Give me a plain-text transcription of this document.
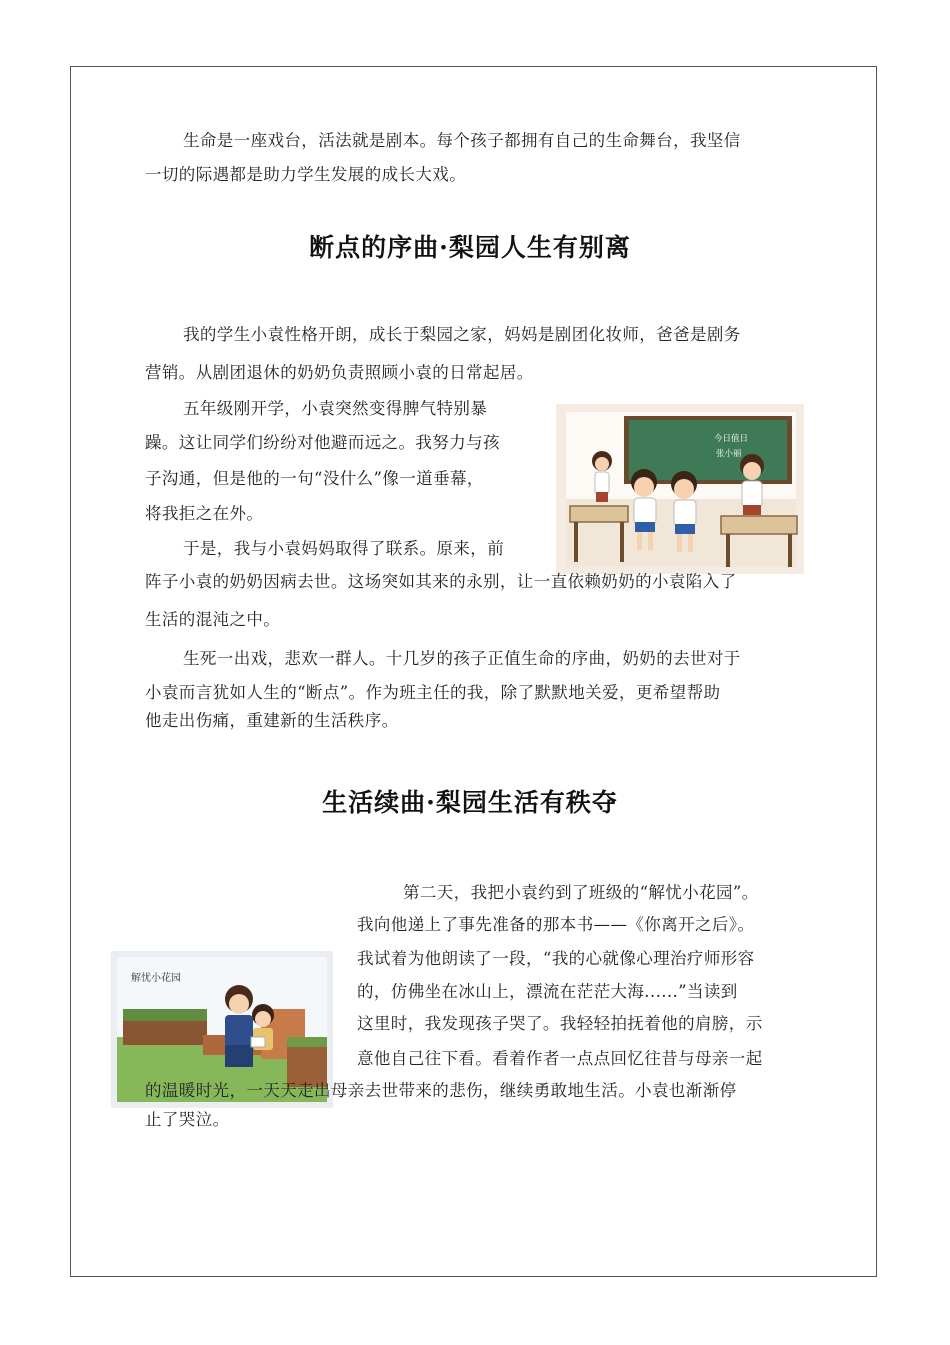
生命是一座戏台，活法就是剧本。每个孩子都拥有自己的生命舞台，我坚信

一切的际遇都是助力学生发展的成长大戏。

断点的序曲·梨园人生有别离

我的学生小袁性格开朗，成长于梨园之家，妈妈是剧团化妆师，爸爸是剧务

营销。从剧团退休的奶奶负责照顾小袁的日常起居。

五年级刚开学，小袁突然变得脾气特别暴

躁。这让同学们纷纷对他避而远之。我努力与孩

子沟通，但是他的一句“没什么”像一道垂幕，

将我拒之在外。

今日值日
张小丽

于是，我与小袁妈妈取得了联系。原来，前

阵子小袁的奶奶因病去世。这场突如其来的永别，让一直依赖奶奶的小袁陷入了

生活的混沌之中。

生死一出戏，悲欢一群人。十几岁的孩子正值生命的序曲，奶奶的去世对于

小袁而言犹如人生的“断点”。作为班主任的我，除了默默地关爱，更希望帮助

他走出伤痛，重建新的生活秩序。

生活续曲·梨园生活有秩夺

第二天，我把小袁约到了班级的“解忧小花园”。

我向他递上了事先准备的那本书——《你离开之后》。

我试着为他朗读了一段，“我的心就像心理治疗师形容

的，仿佛坐在冰山上，漂流在茫茫大海......”当读到

这里时，我发现孩子哭了。我轻轻拍抚着他的肩膀，示

意他自己往下看。看着作者一点点回忆往昔与母亲一起

解忧小花园

的温暖时光，一天天走出母亲去世带来的悲伤，继续勇敢地生活。小袁也渐渐停

止了哭泣。
